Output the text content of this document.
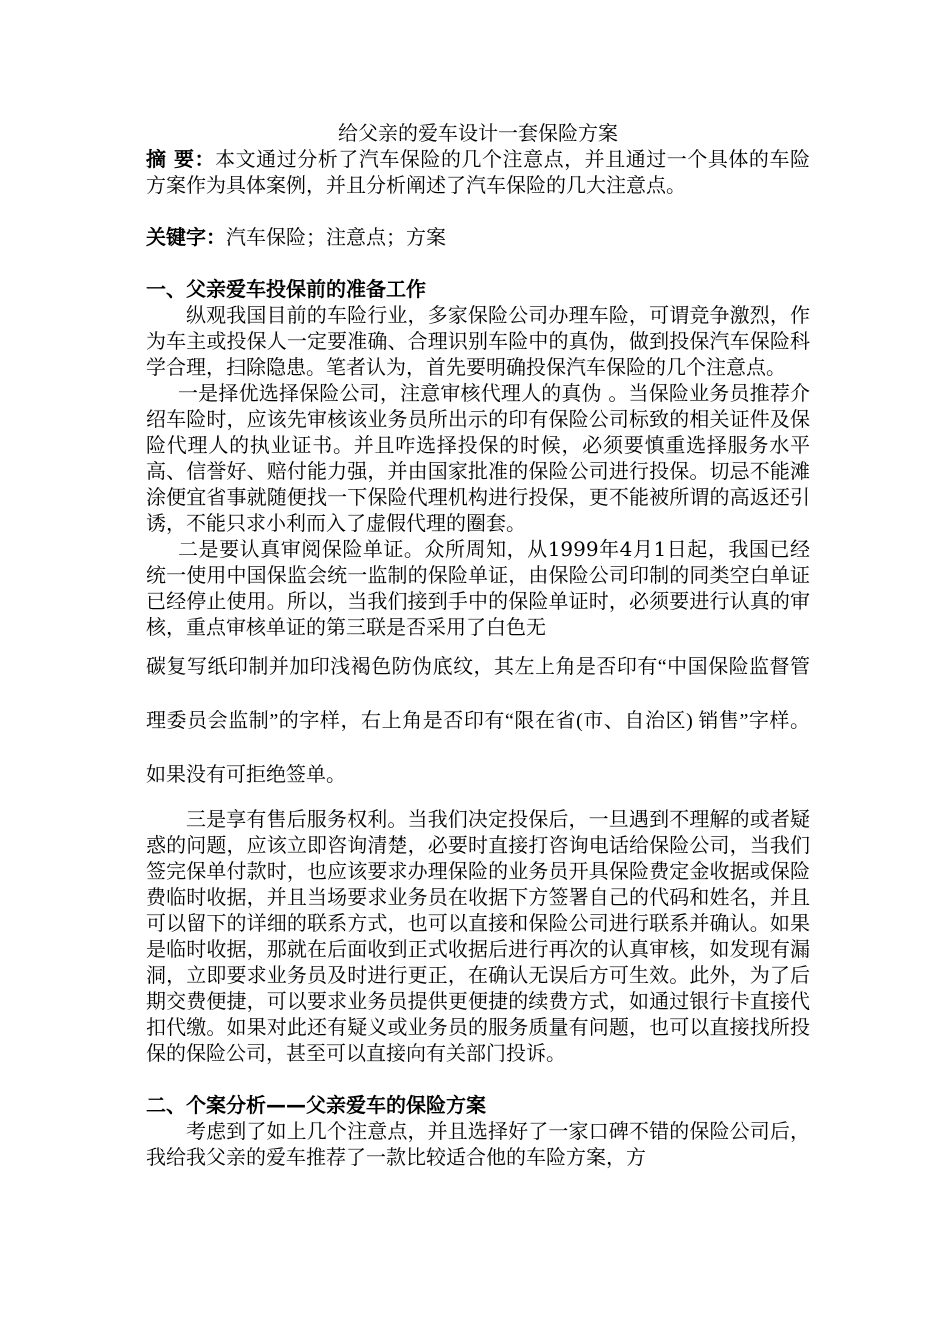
给父亲的爱车设计一套保险方案

摘 要：本文通过分析了汽车保险的几个注意点，并且通过一个具体的车险方案作为具体案例，并且分析阐述了汽车保险的几大注意点。

关键字：汽车保险；注意点；方案

一、父亲爱车投保前的准备工作

纵观我国目前的车险行业，多家保险公司办理车险，可谓竞争激烈，作为车主或投保人一定要准确、合理识别车险中的真伪，做到投保汽车保险科学合理，扫除隐患。笔者认为，首先要明确投保汽车保险的几个注意点。

一是择优选择保险公司，注意审核代理人的真伪 。当保险业务员推荐介绍车险时，应该先审核该业务员所出示的印有保险公司标致的相关证件及保险代理人的执业证书。并且咋选择投保的时候，必须要慎重选择服务水平高、信誉好、赔付能力强，并由国家批准的保险公司进行投保。切忌不能滩涂便宜省事就随便找一下保险代理机构进行投保，更不能被所谓的高返还引诱，不能只求小利而入了虚假代理的圈套。

二是要认真审阅保险单证。众所周知，从1999年4月1日起，我国已经统一使用中国保监会统一监制的保险单证，由保险公司印制的同类空白单证已经停止使用。所以，当我们接到手中的保险单证时，必须要进行认真的审核，重点审核单证的第三联是否采用了白色无

碳复写纸印制并加印浅褐色防伪底纹，其左上角是否印有“中国保险监督管理委员会监制”的字样，右上角是否印有“限在省(市、自治区) 销售”字样。如果没有可拒绝签单。

三是享有售后服务权利。当我们决定投保后，一旦遇到不理解的或者疑惑的问题，应该立即咨询清楚，必要时直接打咨询电话给保险公司，当我们签完保单付款时，也应该要求办理保险的业务员开具保险费定金收据或保险费临时收据，并且当场要求业务员在收据下方签署自己的代码和姓名，并且可以留下的详细的联系方式，也可以直接和保险公司进行联系并确认。如果是临时收据，那就在后面收到正式收据后进行再次的认真审核，如发现有漏洞，立即要求业务员及时进行更正，在确认无误后方可生效。此外，为了后期交费便捷，可以要求业务员提供更便捷的续费方式，如通过银行卡直接代扣代缴。如果对此还有疑义或业务员的服务质量有问题，也可以直接找所投保的保险公司，甚至可以直接向有关部门投诉。

二、个案分析——父亲爱车的保险方案

考虑到了如上几个注意点，并且选择好了一家口碑不错的保险公司后，我给我父亲的爱车推荐了一款比较适合他的车险方案，方
